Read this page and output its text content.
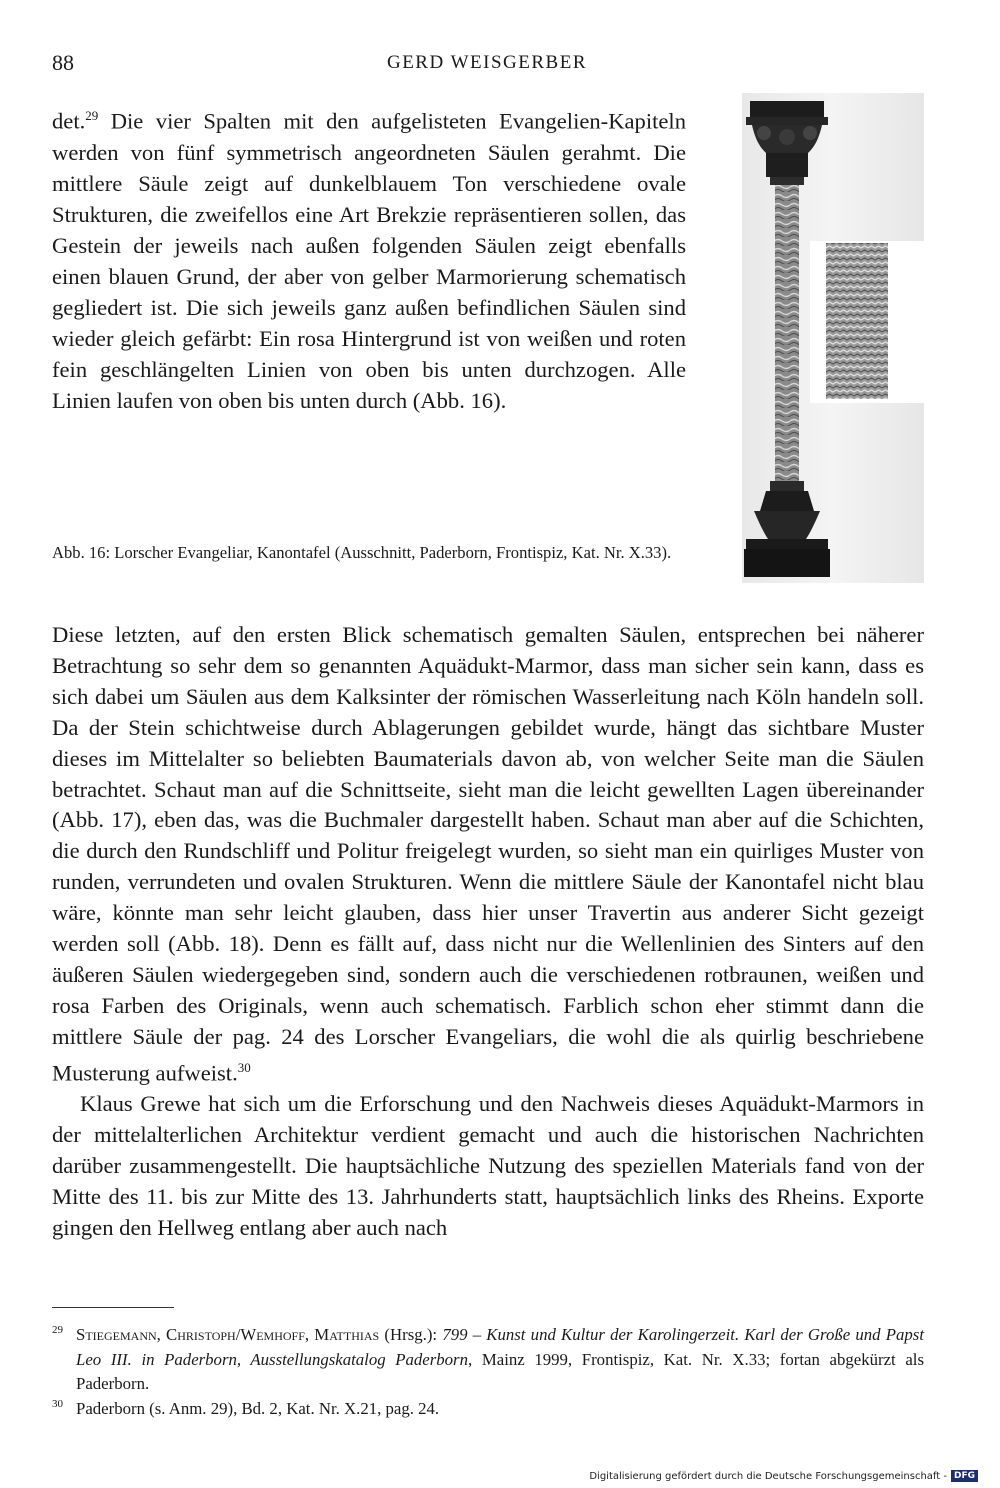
88	GERD WEISGERBER

det.$^{29}$ Die vier Spalten mit den aufgelisteten Evangelien-Kapiteln werden von fünf symmetrisch angeordneten Säulen gerahmt. Die mittlere Säule zeigt auf dunkelblauem Ton verschiedene ovale Strukturen, die zweifellos eine Art Brekzie repräsentieren sollen, das Gestein der jeweils nach außen folgenden Säulen zeigt ebenfalls einen blauen Grund, der aber von gelber Marmorierung schematisch gegliedert ist. Die sich jeweils ganz außen befindlichen Säulen sind wieder gleich gefärbt: Ein rosa Hintergrund ist von weißen und roten fein geschlängelten Linien von oben bis unten durchzogen. Alle Linien laufen von oben bis unten durch (Abb. 16).

Abb. 16: Lorscher Evangeliar, Kanontafel (Ausschnitt, Paderborn, Frontispiz, Kat. Nr. X.33).

Diese letzten, auf den ersten Blick schematisch gemalten Säulen, entsprechen bei näherer Betrachtung so sehr dem so genannten Aquädukt-Marmor, dass man sicher sein kann, dass es sich dabei um Säulen aus dem Kalksinter der römischen Wasserleitung nach Köln handeln soll. Da der Stein schichtweise durch Ablagerungen gebildet wurde, hängt das sichtbare Muster dieses im Mittelalter so beliebten Baumaterials davon ab, von welcher Seite man die Säulen betrachtet. Schaut man auf die Schnittseite, sieht man die leicht gewellten Lagen übereinander (Abb. 17), eben das, was die Buchmaler dargestellt haben. Schaut man aber auf die Schichten, die durch den Rundschliff und Politur freigelegt wurden, so sieht man ein quirliges Muster von runden, verrundeten und ovalen Strukturen. Wenn die mittlere Säule der Kanontafel nicht blau wäre, könnte man sehr leicht glauben, dass hier unser Travertin aus anderer Sicht gezeigt werden soll (Abb. 18). Denn es fällt auf, dass nicht nur die Wellenlinien des Sinters auf den äußeren Säulen wiedergegeben sind, sondern auch die verschiedenen rotbraunen, weißen und rosa Farben des Originals, wenn auch schematisch. Farblich schon eher stimmt dann die mittlere Säule der pag. 24 des Lorscher Evangeliars, die wohl die als quirlig beschriebene Musterung aufweist.$^{30}$

Klaus Grewe hat sich um die Erforschung und den Nachweis dieses Aquädukt-Marmors in der mittelalterlichen Architektur verdient gemacht und auch die historischen Nachrichten darüber zusammengestellt. Die hauptsächliche Nutzung des speziellen Materials fand von der Mitte des 11. bis zur Mitte des 13. Jahrhunderts statt, hauptsächlich links des Rheins. Exporte gingen den Hellweg entlang aber auch nach

29 Stiegemann, Christoph/Wemhoff, Matthias (Hrsg.): 799 – Kunst und Kultur der Karolingerzeit. Karl der Große und Papst Leo III. in Paderborn, Ausstellungskatalog Paderborn, Mainz 1999, Frontispiz, Kat. Nr. X.33; fortan abgekürzt als Paderborn.

30 Paderborn (s. Anm. 29), Bd. 2, Kat. Nr. X.21, pag. 24.

Digitalisierung gefördert durch die Deutsche Forschungsgemeinschaft - DFG
